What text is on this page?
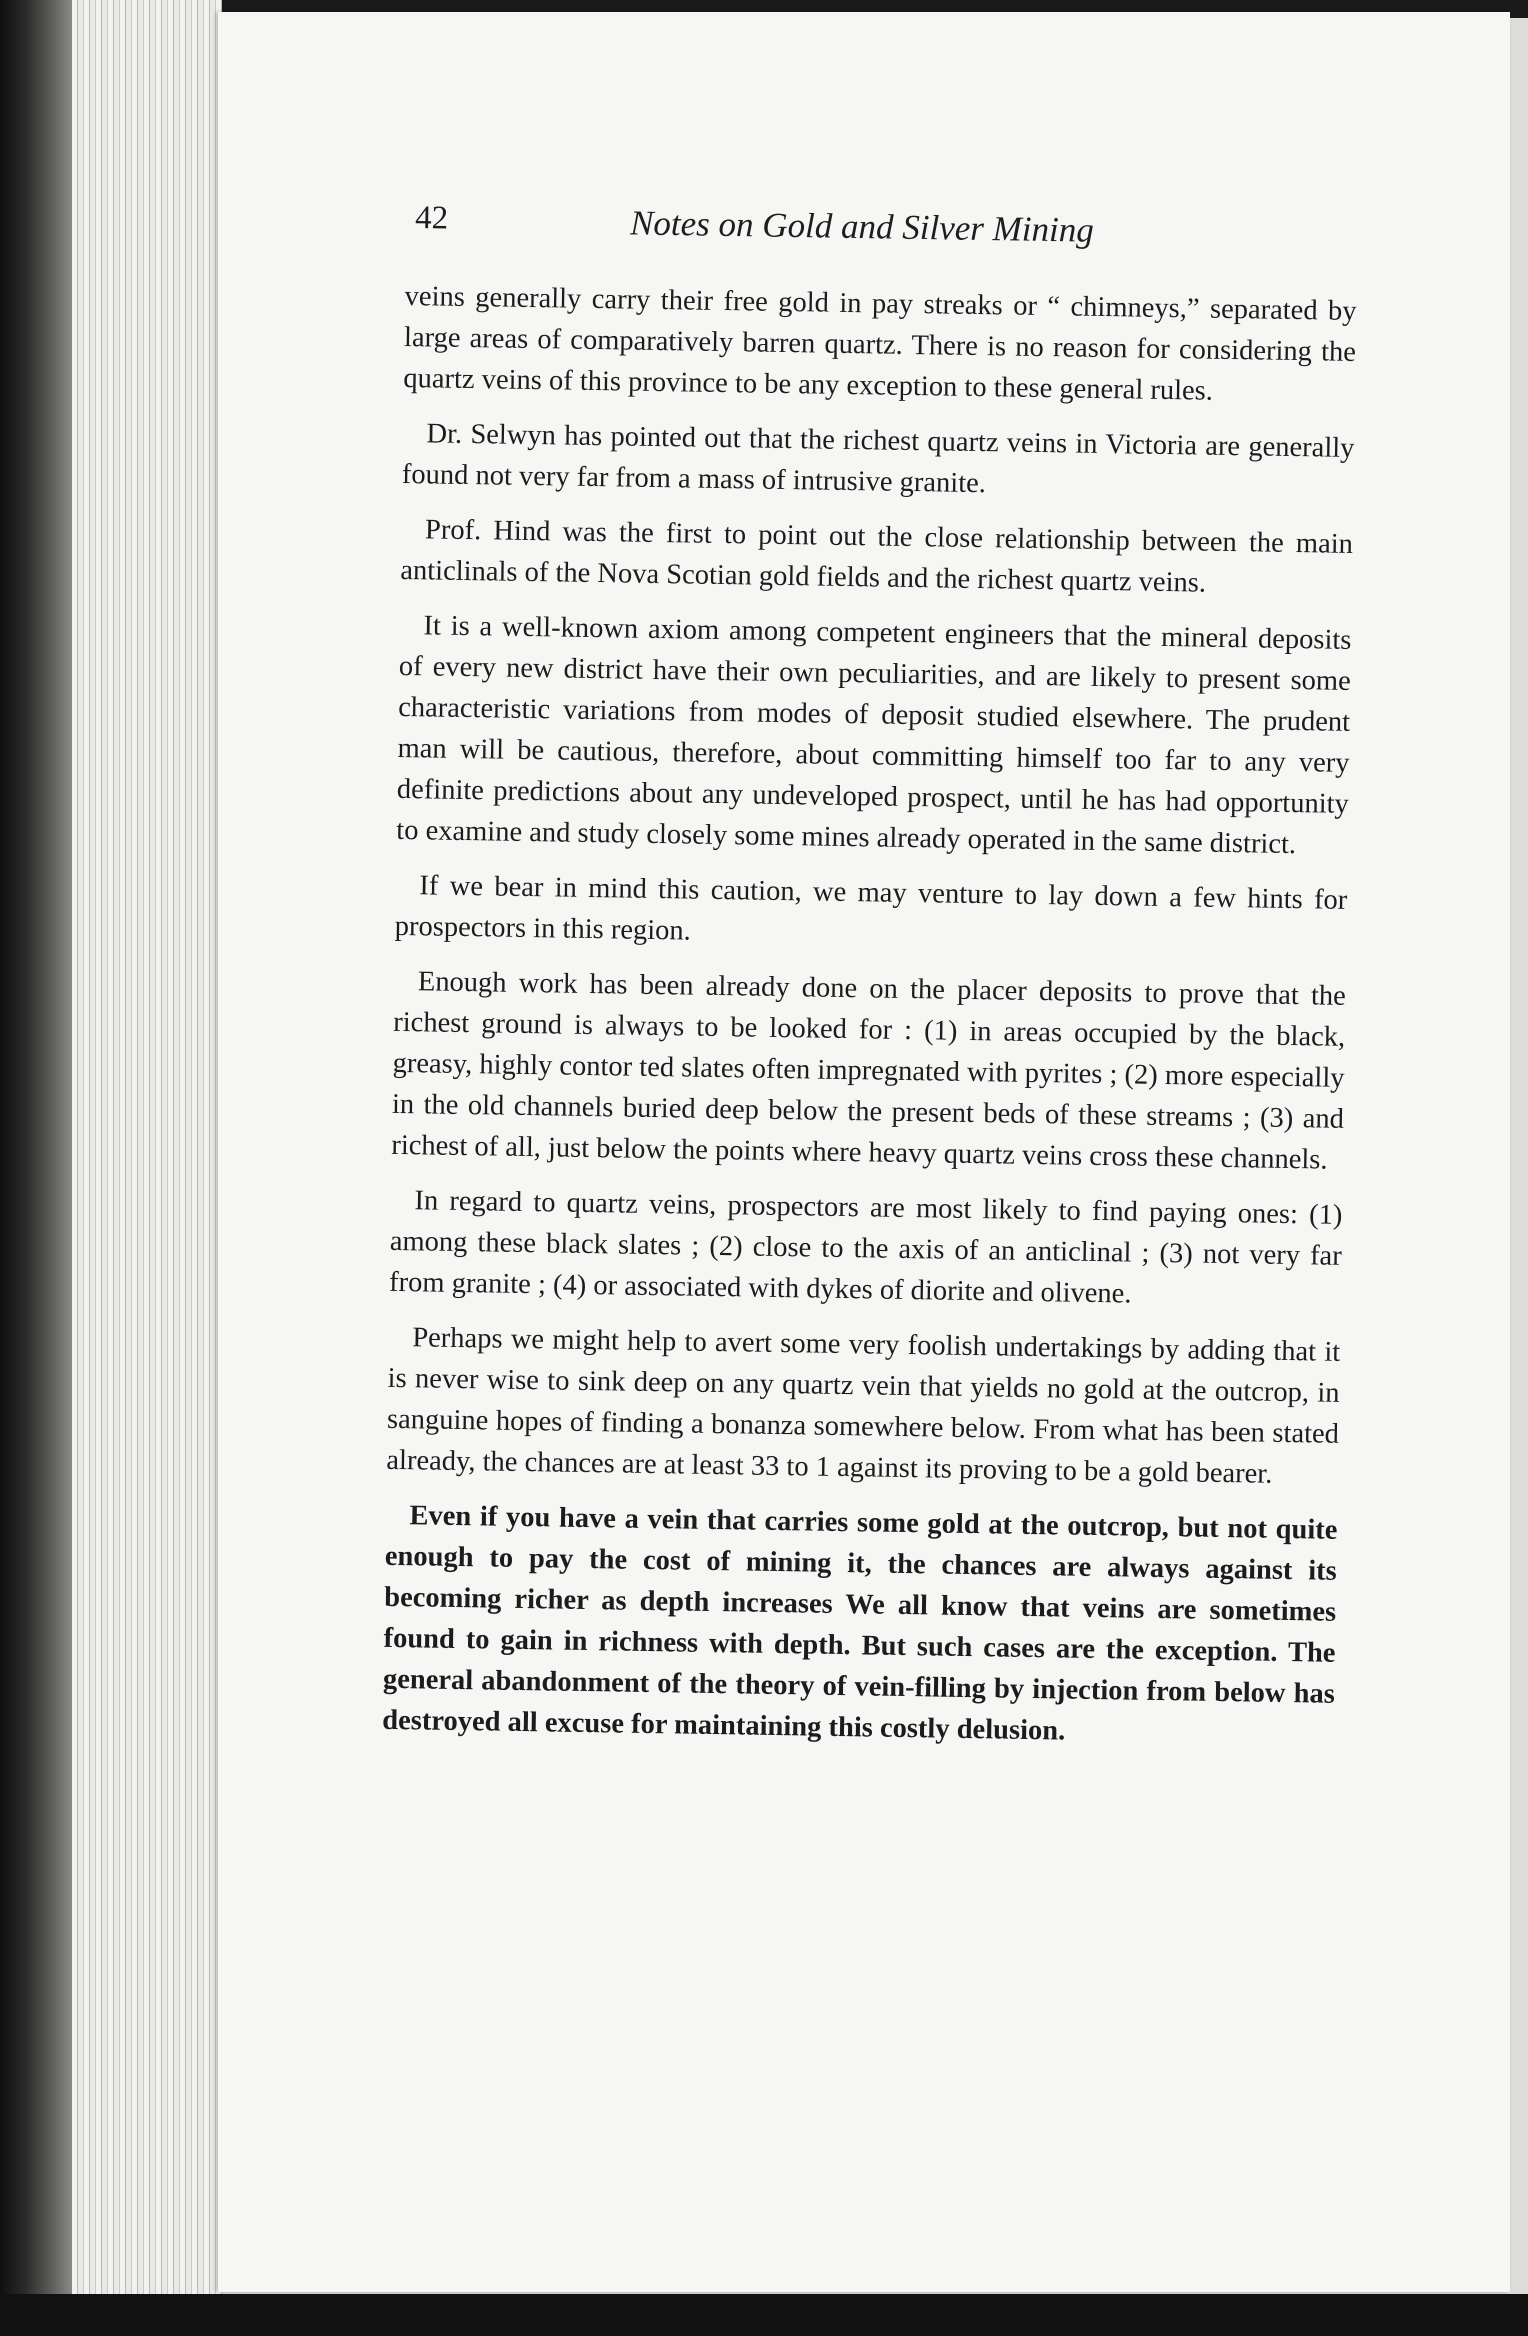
42	Notes on Gold and Silver Mining

veins generally carry their free gold in pay streaks or “ chimneys,” separated by large areas of comparatively barren quartz. There is no reason for considering the quartz veins of this province to be any exception to these general rules.

Dr. Selwyn has pointed out that the richest quartz veins in Victoria are generally found not very far from a mass of intrusive granite.

Prof. Hind was the first to point out the close relationship between the main anticlinals of the Nova Scotian gold fields and the richest quartz veins.

It is a well-known axiom among competent engineers that the mineral deposits of every new district have their own peculiarities, and are likely to present some characteristic variations from modes of deposit studied elsewhere. The prudent man will be cautious, therefore, about committing himself too far to any very definite predictions about any undeveloped prospect, until he has had opportunity to examine and study closely some mines already operated in the same district.

If we bear in mind this caution, we may venture to lay down a few hints for prospectors in this region.

Enough work has been already done on the placer deposits to prove that the richest ground is always to be looked for : (1) in areas occupied by the black, greasy, highly contor ted slates often impregnated with pyrites ; (2) more especially in the old channels buried deep below the present beds of these streams ; (3) and richest of all, just below the points where heavy quartz veins cross these channels.

In regard to quartz veins, prospectors are most likely to find paying ones: (1) among these black slates ; (2) close to the axis of an anticlinal ; (3) not very far from granite ; (4) or associated with dykes of diorite and olivene.

Perhaps we might help to avert some very foolish undertakings by adding that it is never wise to sink deep on any quartz vein that yields no gold at the outcrop, in sanguine hopes of finding a bonanza somewhere below. From what has been stated already, the chances are at least 33 to 1 against its proving to be a gold bearer.

Even if you have a vein that carries some gold at the outcrop, but not quite enough to pay the cost of mining it, the chances are always against its becoming richer as depth increases We all know that veins are sometimes found to gain in richness with depth. But such cases are the exception. The general abandonment of the theory of vein-filling by injection from below has destroyed all excuse for maintaining this costly delusion.
